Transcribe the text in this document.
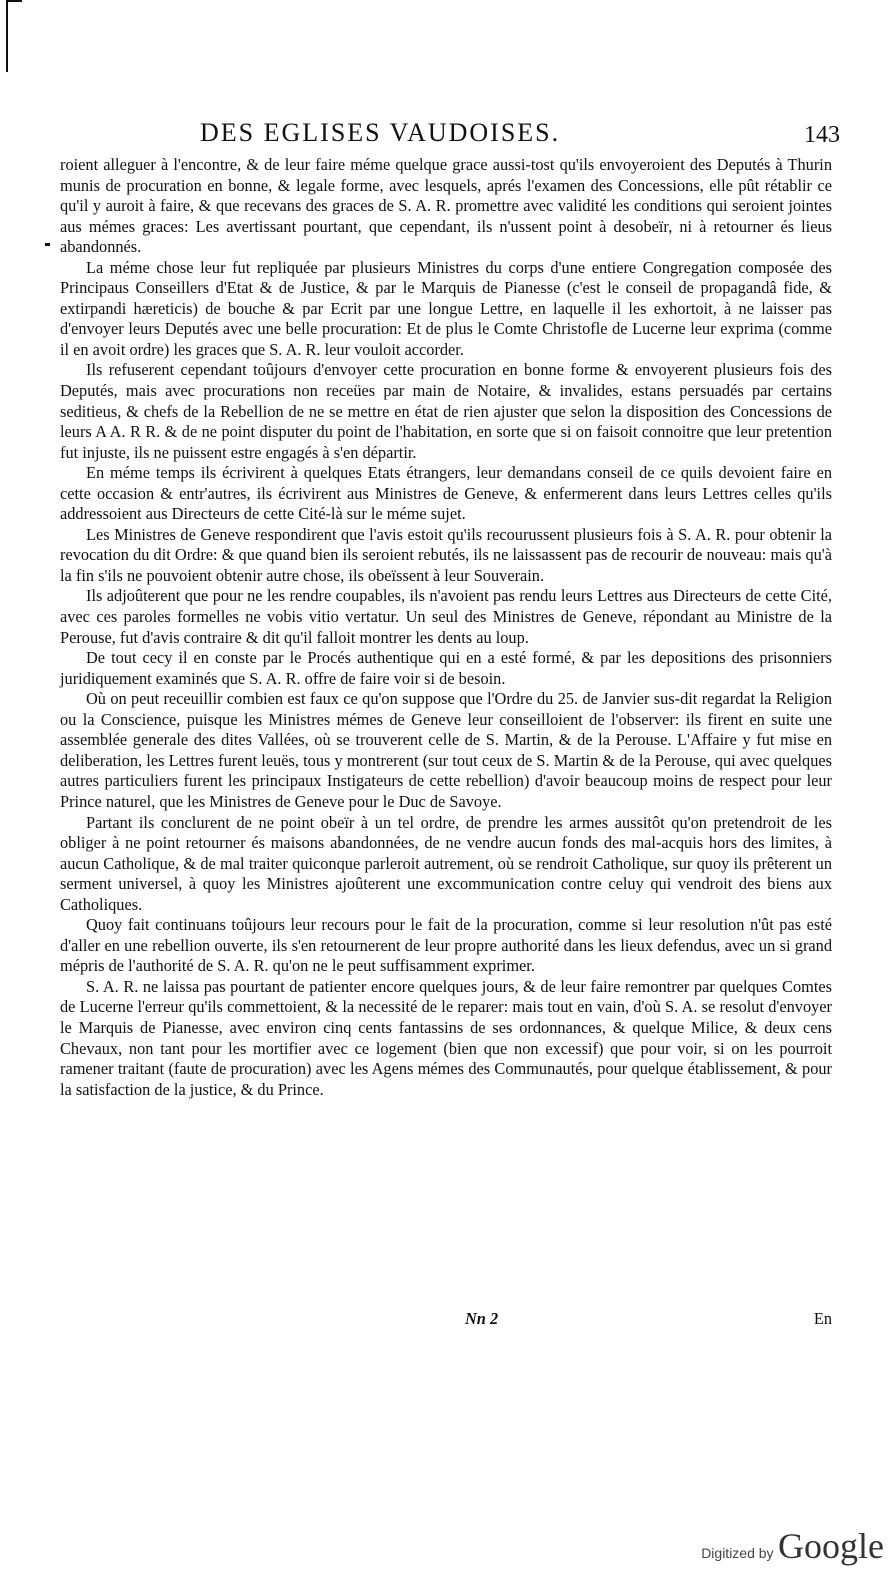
DES EGLISES VAUDOISES.	143

roient alleguer à l'encontre, & de leur faire méme quelque grace aussi-tost qu'ils envoyeroient des Deputés à Thurin munis de procuration en bonne, & legale forme, avec lesquels, aprés l'examen des Concessions, elle pût rétablir ce qu'il y auroit à faire, & que recevans des graces de S. A. R. promettre avec validité les conditions qui seroient jointes aus mémes graces: Les avertissant pourtant, que cependant, ils n'ussent point à desobeïr, ni à retourner és lieus abandonnés.

La méme chose leur fut repliquée par plusieurs Ministres du corps d'une entiere Congregation composée des Principaus Conseillers d'Etat & de Justice, & par le Marquis de Pianesse (c'est le conseil de propagandâ fide, & extirpandi hæreticis) de bouche & par Ecrit par une longue Lettre, en laquelle il les exhortoit, à ne laisser pas d'envoyer leurs Deputés avec une belle procuration: Et de plus le Comte Christofle de Lucerne leur exprima (comme il en avoit ordre) les graces que S. A. R. leur vouloit accorder.

Ils refuserent cependant toûjours d'envoyer cette procuration en bonne forme & envoyerent plusieurs fois des Deputés, mais avec procurations non receües par main de Notaire, & invalides, estans persuadés par certains seditieus, & chefs de la Rebellion de ne se mettre en état de rien ajuster que selon la disposition des Concessions de leurs A A. R R. & de ne point disputer du point de l'habitation, en sorte que si on faisoit connoitre que leur pretention fut injuste, ils ne puissent estre engagés à s'en départir.

En méme temps ils écrivirent à quelques Etats étrangers, leur demandans conseil de ce quils devoient faire en cette occasion & entr'autres, ils écrivirent aus Ministres de Geneve, & enfermerent dans leurs Lettres celles qu'ils addressoient aus Directeurs de cette Cité-là sur le méme sujet.

Les Ministres de Geneve respondirent que l'avis estoit qu'ils recourussent plusieurs fois à S. A. R. pour obtenir la revocation du dit Ordre: & que quand bien ils seroient rebutés, ils ne laissassent pas de recourir de nouveau: mais qu'à la fin s'ils ne pouvoient obtenir autre chose, ils obeïssent à leur Souverain.

Ils adjoûterent que pour ne les rendre coupables, ils n'avoient pas rendu leurs Lettres aus Directeurs de cette Cité, avec ces paroles formelles ne vobis vitio vertatur. Un seul des Ministres de Geneve, répondant au Ministre de la Perouse, fut d'avis contraire & dit qu'il falloit montrer les dents au loup.

De tout cecy il en conste par le Procés authentique qui en a esté formé, & par les depositions des prisonniers juridiquement examinés que S. A. R. offre de faire voir si de besoin.

Où on peut receuillir combien est faux ce qu'on suppose que l'Ordre du 25. de Janvier sus-dit regardat la Religion ou la Conscience, puisque les Ministres mémes de Geneve leur conseilloient de l'observer: ils firent en suite une assemblée generale des dites Vallées, où se trouverent celle de S. Martin, & de la Perouse. L'Affaire y fut mise en deliberation, les Lettres furent leuës, tous y montrerent (sur tout ceux de S. Martin & de la Perouse, qui avec quelques autres particuliers furent les principaux Instigateurs de cette rebellion) d'avoir beaucoup moins de respect pour leur Prince naturel, que les Ministres de Geneve pour le Duc de Savoye.

Partant ils conclurent de ne point obeïr à un tel ordre, de prendre les armes aussitôt qu'on pretendroit de les obliger à ne point retourner és maisons abandonnées, de ne vendre aucun fonds des mal-acquis hors des limites, à aucun Catholique, & de mal traiter quiconque parleroit autrement, où se rendroit Catholique, sur quoy ils prêterent un serment universel, à quoy les Ministres ajoûterent une excommunication contre celuy qui vendroit des biens aux Catholiques.

Quoy fait continuans toûjours leur recours pour le fait de la procuration, comme si leur resolution n'ût pas esté d'aller en une rebellion ouverte, ils s'en retournerent de leur propre authorité dans les lieux defendus, avec un si grand mépris de l'authorité de S. A. R. qu'on ne le peut suffisamment exprimer.

S. A. R. ne laissa pas pourtant de patienter encore quelques jours, & de leur faire remontrer par quelques Comtes de Lucerne l'erreur qu'ils commettoient, & la necessité de le reparer: mais tout en vain, d'où S. A. se resolut d'envoyer le Marquis de Pianesse, avec environ cinq cents fantassins de ses ordonnances, & quelque Milice, & deux cens Chevaux, non tant pour les mortifier avec ce logement (bien que non excessif) que pour voir, si on les pourroit ramener traitant (faute de procuration) avec les Agens mémes des Communautés, pour quelque établissement, & pour la satisfaction de la justice, & du Prince.

Nn 2	En
Digitized by Google
